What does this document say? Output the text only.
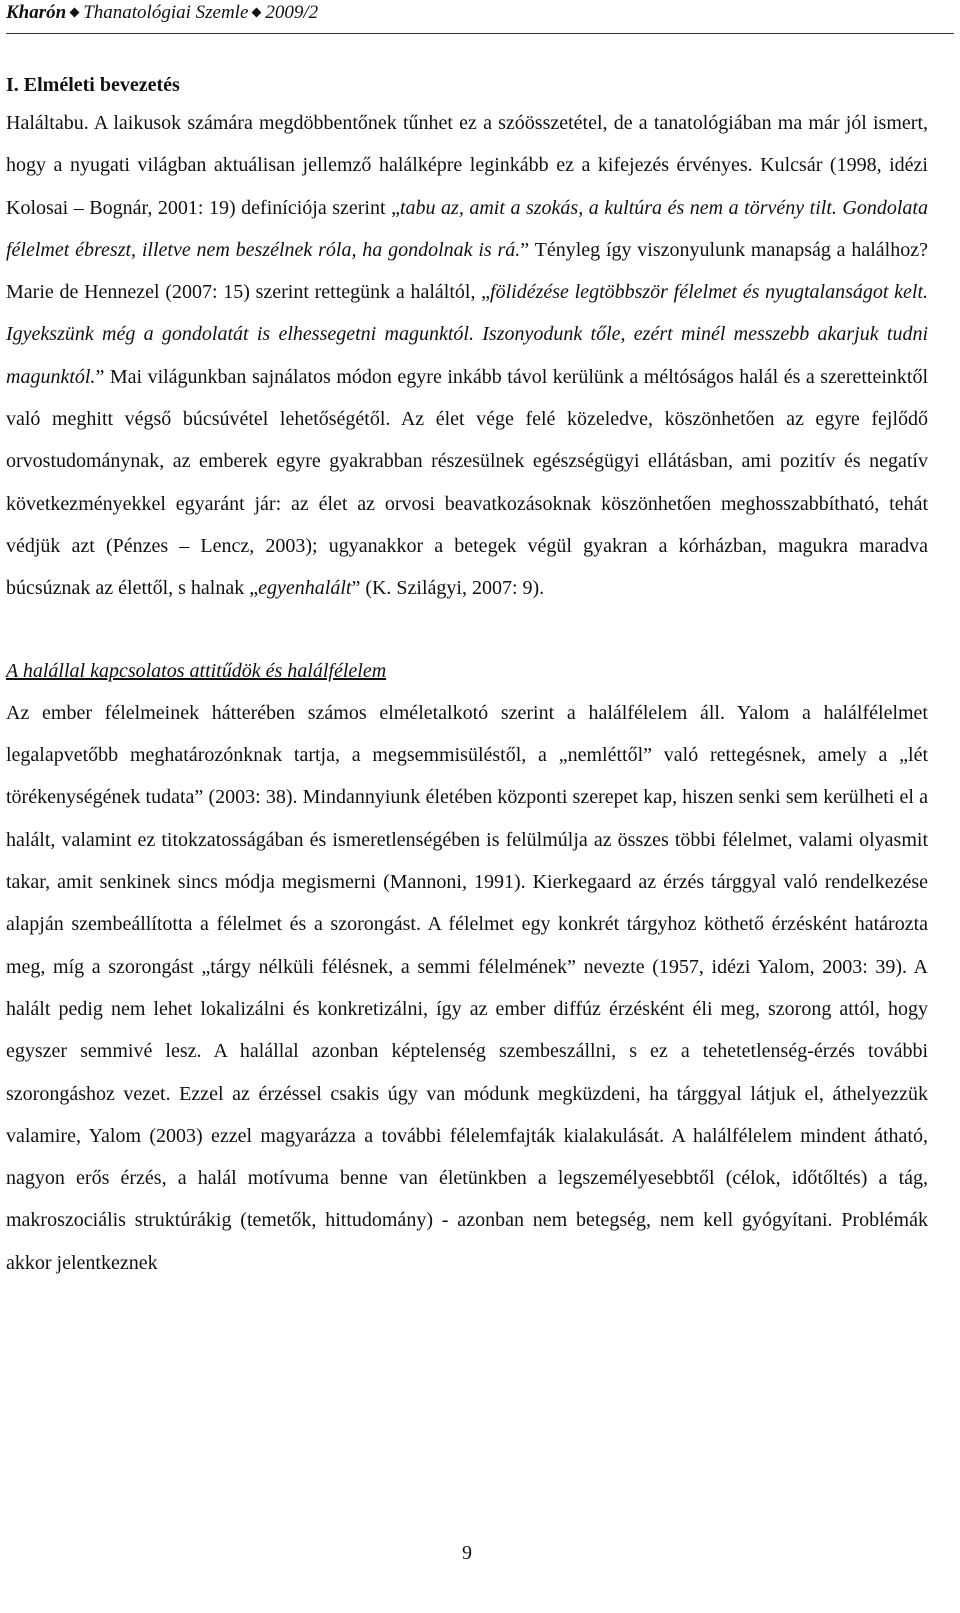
Kharón Thanatológiai Szemle 2009/2
I. Elméleti bevezetés

Haláltabu. A laikusok számára megdöbbentőnek tűnhet ez a szóösszetétel, de a tanatológiában ma már jól ismert, hogy a nyugati világban aktuálisan jellemző halálképre leginkább ez a kifejezés érvényes. Kulcsár (1998, idézi Kolosai – Bognár, 2001: 19) definíciója szerint „tabu az, amit a szokás, a kultúra és nem a törvény tilt. Gondolata félelmet ébreszt, illetve nem beszélnek róla, ha gondolnak is rá.” Tényleg így viszonyulunk manapság a halálhoz? Marie de Hennezel (2007: 15) szerint rettegünk a haláltól, „fölidézése legtöbbször félelmet és nyugtalanságot kelt. Igyekszünk még a gondolatát is elhessegetni magunktól. Iszonyodunk tőle, ezért minél messzebb akarjuk tudni magunktól.” Mai világunkban sajnálatos módon egyre inkább távol kerülünk a méltóságos halál és a szeretteinktől való meghitt végső búcsúvétel lehetőségétől. Az élet vége felé közeledve, köszönhetően az egyre fejlődő orvostudománynak, az emberek egyre gyakrabban részesülnek egészségügyi ellátásban, ami pozitív és negatív következményekkel egyaránt jár: az élet az orvosi beavatkozásoknak köszönhetően meghosszabbítható, tehát védjük azt (Pénzes – Lencz, 2003); ugyanakkor a betegek végül gyakran a kórházban, magukra maradva búcsúznak az élettől, s halnak „egyenhalált” (K. Szilágyi, 2007: 9).

A halállal kapcsolatos attitűdök és halálfélelem

Az ember félelmeinek hátterében számos elméletalkotó szerint a halálfélelem áll. Yalom a halálfélelmet legalapvetőbb meghatározónknak tartja, a megsemmisüléstől, a „nemléttől” való rettegésnek, amely a „lét törékenységének tudata” (2003: 38). Mindannyiunk életében központi szerepet kap, hiszen senki sem kerülheti el a halált, valamint ez titokzatosságában és ismeretlenségében is felülmúlja az összes többi félelmet, valami olyasmit takar, amit senkinek sincs módja megismerni (Mannoni, 1991). Kierkegaard az érzés tárggyal való rendelkezése alapján szembeállította a félelmet és a szorongást. A félelmet egy konkrét tárgyhoz köthető érzésként határozta meg, míg a szorongást „tárgy nélküli félésnek, a semmi félelmének” nevezte (1957, idézi Yalom, 2003: 39). A halált pedig nem lehet lokalizálni és konkretizálni, így az ember diffúz érzésként éli meg, szorong attól, hogy egyszer semmivé lesz. A halállal azonban képtelenség szembeszállni, s ez a tehetetlenség-érzés további szorongáshoz vezet. Ezzel az érzéssel csakis úgy van módunk megküzdeni, ha tárggyal látjuk el, áthelyezzük valamire, Yalom (2003) ezzel magyarázza a további félelemfajták kialakulását. A halálfélelem mindent átható, nagyon erős érzés, a halál motívuma benne van életünkben a legszemélyesebbtől (célok, időtőltés) a tág, makroszociális struktúrákig (temetők, hittudomány) - azonban nem betegség, nem kell gyógyítani. Problémák akkor jelentkeznek

9
